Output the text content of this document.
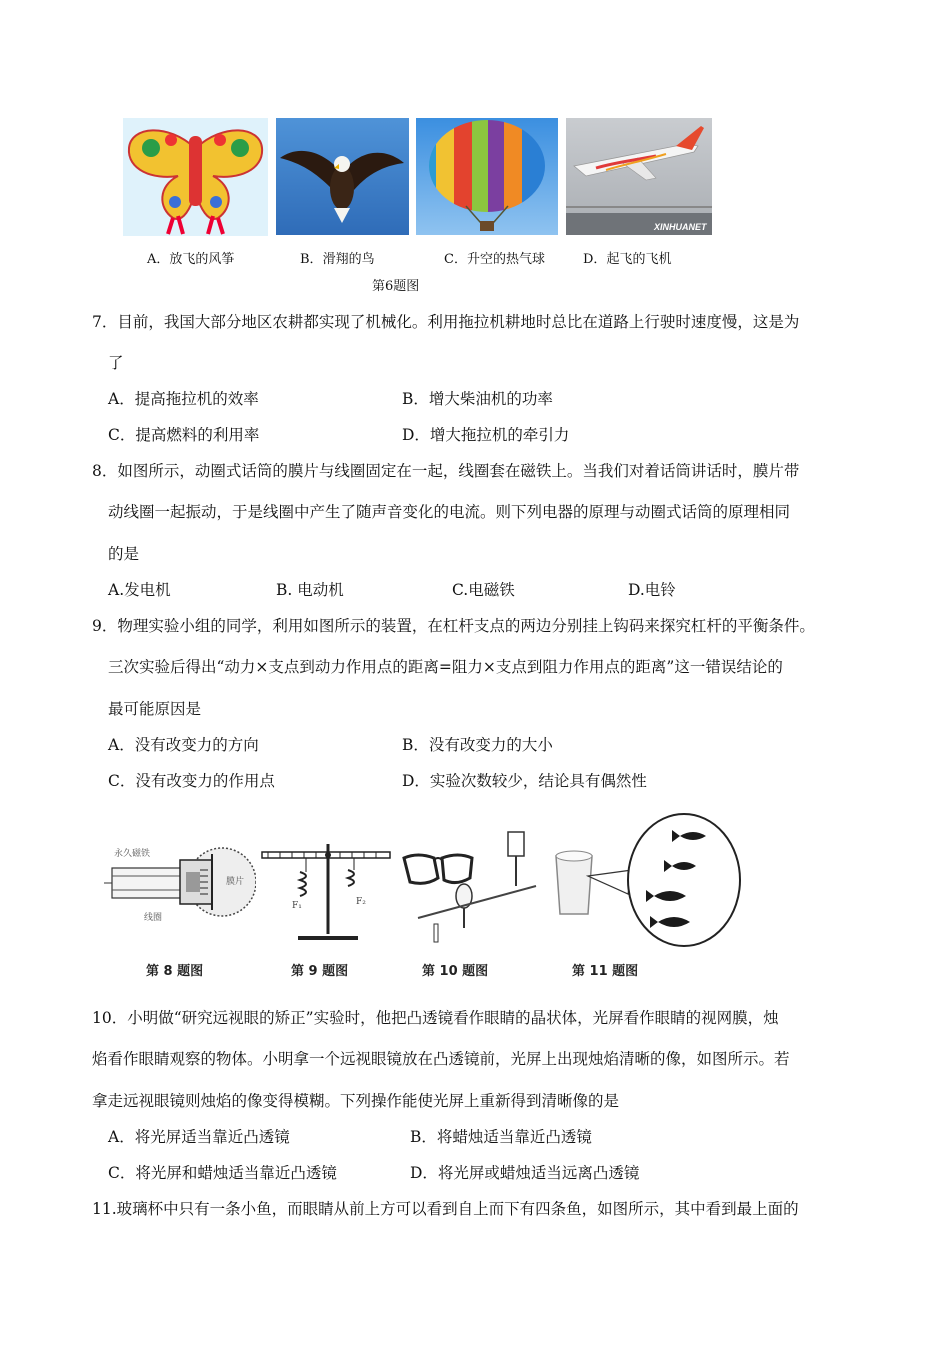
XINHUANET
A．放飞的风筝	B．滑翔的鸟	C．升空的热气球	D．起飞的飞机
第6题图
7．目前，我国大部分地区农耕都实现了机械化。利用拖拉机耕地时总比在道路上行驶时速度慢，这是为
了
A．提高拖拉机的效率	B．增大柴油机的功率
C．提高燃料的利用率	D．增大拖拉机的牵引力
8．如图所示，动圈式话筒的膜片与线圈固定在一起，线圈套在磁铁上。当我们对着话筒讲话时，膜片带
动线圈一起振动，于是线圈中产生了随声音变化的电流。则下列电器的原理与动圈式话筒的原理相同
的是
A.发电机	B. 电动机	C.电磁铁	D.电铃
9．物理实验小组的同学，利用如图所示的装置，在杠杆支点的两边分别挂上钩码来探究杠杆的平衡条件。
三次实验后得出“动力×支点到动力作用点的距离=阻力×支点到阻力作用点的距离”这一错误结论的
最可能原因是
A．没有改变力的方向	B．没有改变力的大小
C．没有改变力的作用点	D．实验次数较少，结论具有偶然性
永久磁铁
膜片
线圈
F₁	F₂
第 8 题图	第 9 题图	第 10 题图	第 11 题图
10．小明做“研究远视眼的矫正”实验时，他把凸透镜看作眼睛的晶状体，光屏看作眼睛的视网膜，烛
焰看作眼睛观察的物体。小明拿一个远视眼镜放在凸透镜前，光屏上出现烛焰清晰的像，如图所示。若
拿走远视眼镜则烛焰的像变得模糊。下列操作能使光屏上重新得到清晰像的是
A．将光屏适当靠近凸透镜	B．将蜡烛适当靠近凸透镜
C．将光屏和蜡烛适当靠近凸透镜	D．将光屏或蜡烛适当远离凸透镜
11.玻璃杯中只有一条小鱼，而眼睛从前上方可以看到自上而下有四条鱼，如图所示，其中看到最上面的
